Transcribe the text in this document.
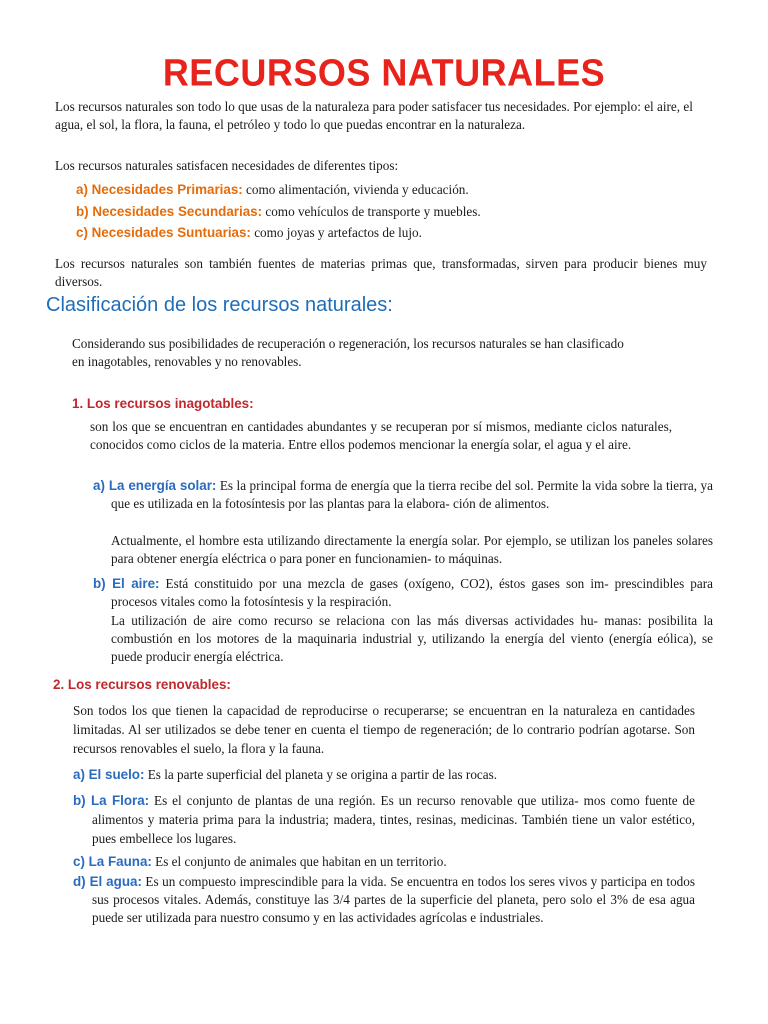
RECURSOS NATURALES
Los recursos naturales son todo lo que usas de la naturaleza para poder satisfacer tus necesidades. Por ejemplo: el aire, el agua, el sol, la flora, la fauna, el petróleo y todo lo que puedas encontrar en la naturaleza.
Los recursos naturales satisfacen necesidades de diferentes tipos:
a) Necesidades Primarias: como alimentación, vivienda y educación.
b) Necesidades Secundarias: como vehículos de transporte y muebles.
c) Necesidades Suntuarias: como joyas y artefactos de lujo.
Los recursos naturales son también fuentes de materias primas que, transformadas, sirven para producir bienes muy diversos.
Clasificación de los recursos naturales:
Considerando sus posibilidades de recuperación o regeneración, los recursos naturales se han clasificado en inagotables, renovables y no renovables.
1. Los recursos inagotables:
son los que se encuentran en cantidades abundantes y se recuperan por sí mismos, mediante ciclos naturales, conocidos como ciclos de la materia. Entre ellos podemos mencionar la energía solar, el agua y el aire.
a) La energía solar: Es la principal forma de energía que la tierra recibe del sol. Permite la vida sobre la tierra, ya que es utilizada en la fotosíntesis por las plantas para la elabora- ción de alimentos.
Actualmente, el hombre esta utilizando directamente la energía solar. Por ejemplo, se utilizan los paneles solares para obtener energía eléctrica o para poner en funcionamien- to máquinas.
b) El aire: Está constituido por una mezcla de gases (oxígeno, CO2), éstos gases son im- prescindibles para procesos vitales como la fotosíntesis y la respiración.
La utilización de aire como recurso se relaciona con las más diversas actividades hu- manas: posibilita la combustión en los motores de la maquinaria industrial y, utilizando la energía del viento (energía eólica), se puede producir energía eléctrica.
2. Los recursos renovables:
Son todos los que tienen la capacidad de reproducirse o recuperarse; se encuentran en la naturaleza en cantidades limitadas. Al ser utilizados se debe tener en cuenta el tiempo de regeneración; de lo contrario podrían agotarse. Son recursos renovables el suelo, la flora y la fauna.
a) El suelo: Es la parte superficial del planeta y se origina a partir de las rocas.
b) La Flora: Es el conjunto de plantas de una región. Es un recurso renovable que utiliza- mos como fuente de alimentos y materia prima para la industria; madera, tintes, resinas, medicinas. También tiene un valor estético, pues embellece los lugares.
c) La Fauna: Es el conjunto de animales que habitan en un territorio.
d) El agua: Es un compuesto imprescindible para la vida. Se encuentra en todos los seres vivos y participa en todos sus procesos vitales. Además, constituye las 3/4 partes de la superficie del planeta, pero solo el 3% de esa agua puede ser utilizada para nuestro consumo y en las actividades agrícolas e industriales.
